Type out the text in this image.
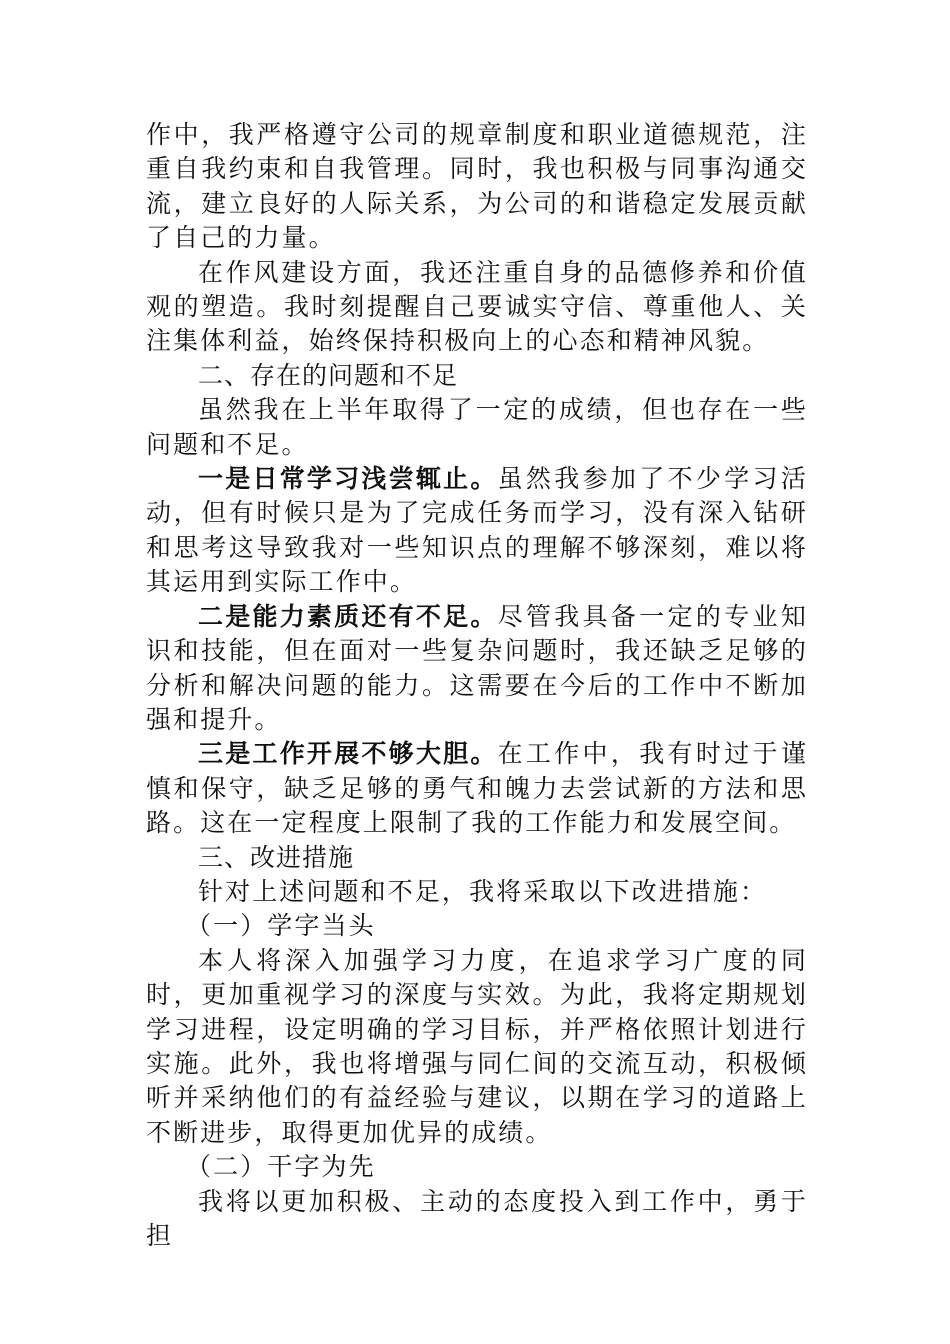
作中，我严格遵守公司的规章制度和职业道德规范，注重自我约束和自我管理。同时，我也积极与同事沟通交流，建立良好的人际关系，为公司的和谐稳定发展贡献了自己的力量。

在作风建设方面，我还注重自身的品德修养和价值观的塑造。我时刻提醒自己要诚实守信、尊重他人、关注集体利益，始终保持积极向上的心态和精神风貌。

二、存在的问题和不足

虽然我在上半年取得了一定的成绩，但也存在一些问题和不足。

一是日常学习浅尝辄止。虽然我参加了不少学习活动，但有时候只是为了完成任务而学习，没有深入钻研和思考这导致我对一些知识点的理解不够深刻，难以将其运用到实际工作中。

二是能力素质还有不足。尽管我具备一定的专业知识和技能，但在面对一些复杂问题时，我还缺乏足够的分析和解决问题的能力。这需要在今后的工作中不断加强和提升。

三是工作开展不够大胆。在工作中，我有时过于谨慎和保守，缺乏足够的勇气和魄力去尝试新的方法和思路。这在一定程度上限制了我的工作能力和发展空间。

三、改进措施

针对上述问题和不足，我将采取以下改进措施：

（一）学字当头

本人将深入加强学习力度，在追求学习广度的同时，更加重视学习的深度与实效。为此，我将定期规划学习进程，设定明确的学习目标，并严格依照计划进行实施。此外，我也将增强与同仁间的交流互动，积极倾听并采纳他们的有益经验与建议，以期在学习的道路上不断进步，取得更加优异的成绩。

（二）干字为先

我将以更加积极、主动的态度投入到工作中，勇于担
